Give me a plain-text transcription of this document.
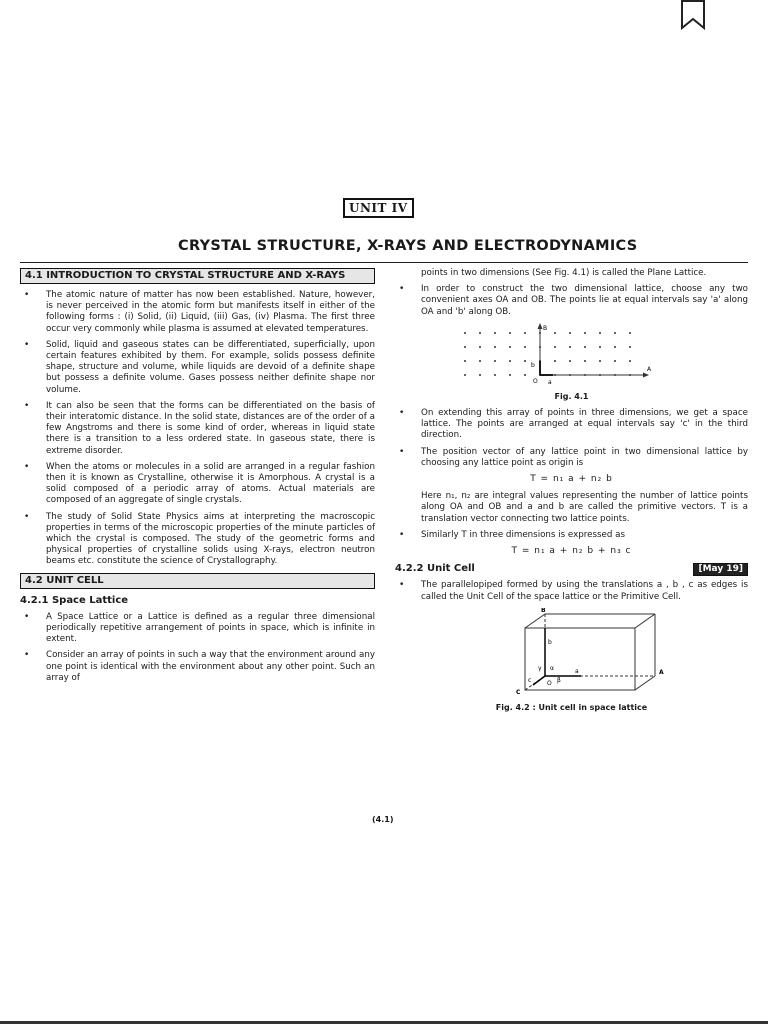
UNIT IV
CRYSTAL STRUCTURE, X-RAYS AND ELECTRODYNAMICS
4.1 INTRODUCTION TO CRYSTAL STRUCTURE AND X-RAYS
• The atomic nature of matter has now been established. Nature, however, is never perceived in the atomic form but manifests itself in either of the following forms : (i) Solid, (ii) Liquid, (iii) Gas, (iv) Plasma. The first three occur very commonly while plasma is assumed at elevated temperatures.
• Solid, liquid and gaseous states can be differentiated, superficially, upon certain features exhibited by them. For example, solids possess definite shape, structure and volume, while liquids are devoid of a definite shape but possess a definite volume. Gases possess neither definite shape nor volume.
• It can also be seen that the forms can be differentiated on the basis of their interatomic distance. In the solid state, distances are of the order of a few Angstroms and there is some kind of order, whereas in liquid state there is a transition to a less ordered state. In gaseous state, there is extreme disorder.
• When the atoms or molecules in a solid are arranged in a regular fashion then it is known as Crystalline, otherwise it is Amorphous. A crystal is a solid composed of a periodic array of atoms. Actual materials are composed of an aggregate of single crystals.
• The study of Solid State Physics aims at interpreting the macroscopic properties in terms of the microscopic properties of the minute particles of which the crystal is composed. The study of the geometric forms and physical properties of crystalline solids using X-rays, electron neutron beams etc. constitute the science of Crystallography.
4.2 UNIT CELL
4.2.1 Space Lattice
• A Space Lattice or a Lattice is defined as a regular three dimensional periodically repetitive arrangement of points in space, which is infinite in extent.
• Consider an array of points in such a way that the environment around any one point is identical with the environment about any other point. Such an array of
points in two dimensions (See Fig. 4.1) is called the Plane Lattice.
• In order to construct the two dimensional lattice, choose any two convenient axes OA and OB. The points lie at equal intervals say 'a' along OA and 'b' along OB.
B
A
O a
b
Fig. 4.1
• On extending this array of points in three dimensions, we get a space lattice. The points are arranged at equal intervals say 'c' in the third direction.
• The position vector of any lattice point in two dimensional lattice by choosing any lattice point as origin is
T = n₁ a + n₂ b
Here n₁, n₂ are integral values representing the number of lattice points along OA and OB and a and b are called the primitive vectors. T is a translation vector connecting two lattice points.
• Similarly T in three dimensions is expressed as
T = n₁ a + n₂ b + n₃ c
4.2.2 Unit Cell	[May 19]
• The parallelopiped formed by using the translations a , b , c as edges is called the Unit Cell of the space lattice or the Primitive Cell.
B
A
C
O
α
β
γ	a
b
c
Fig. 4.2 : Unit cell in space lattice
(4.1)
